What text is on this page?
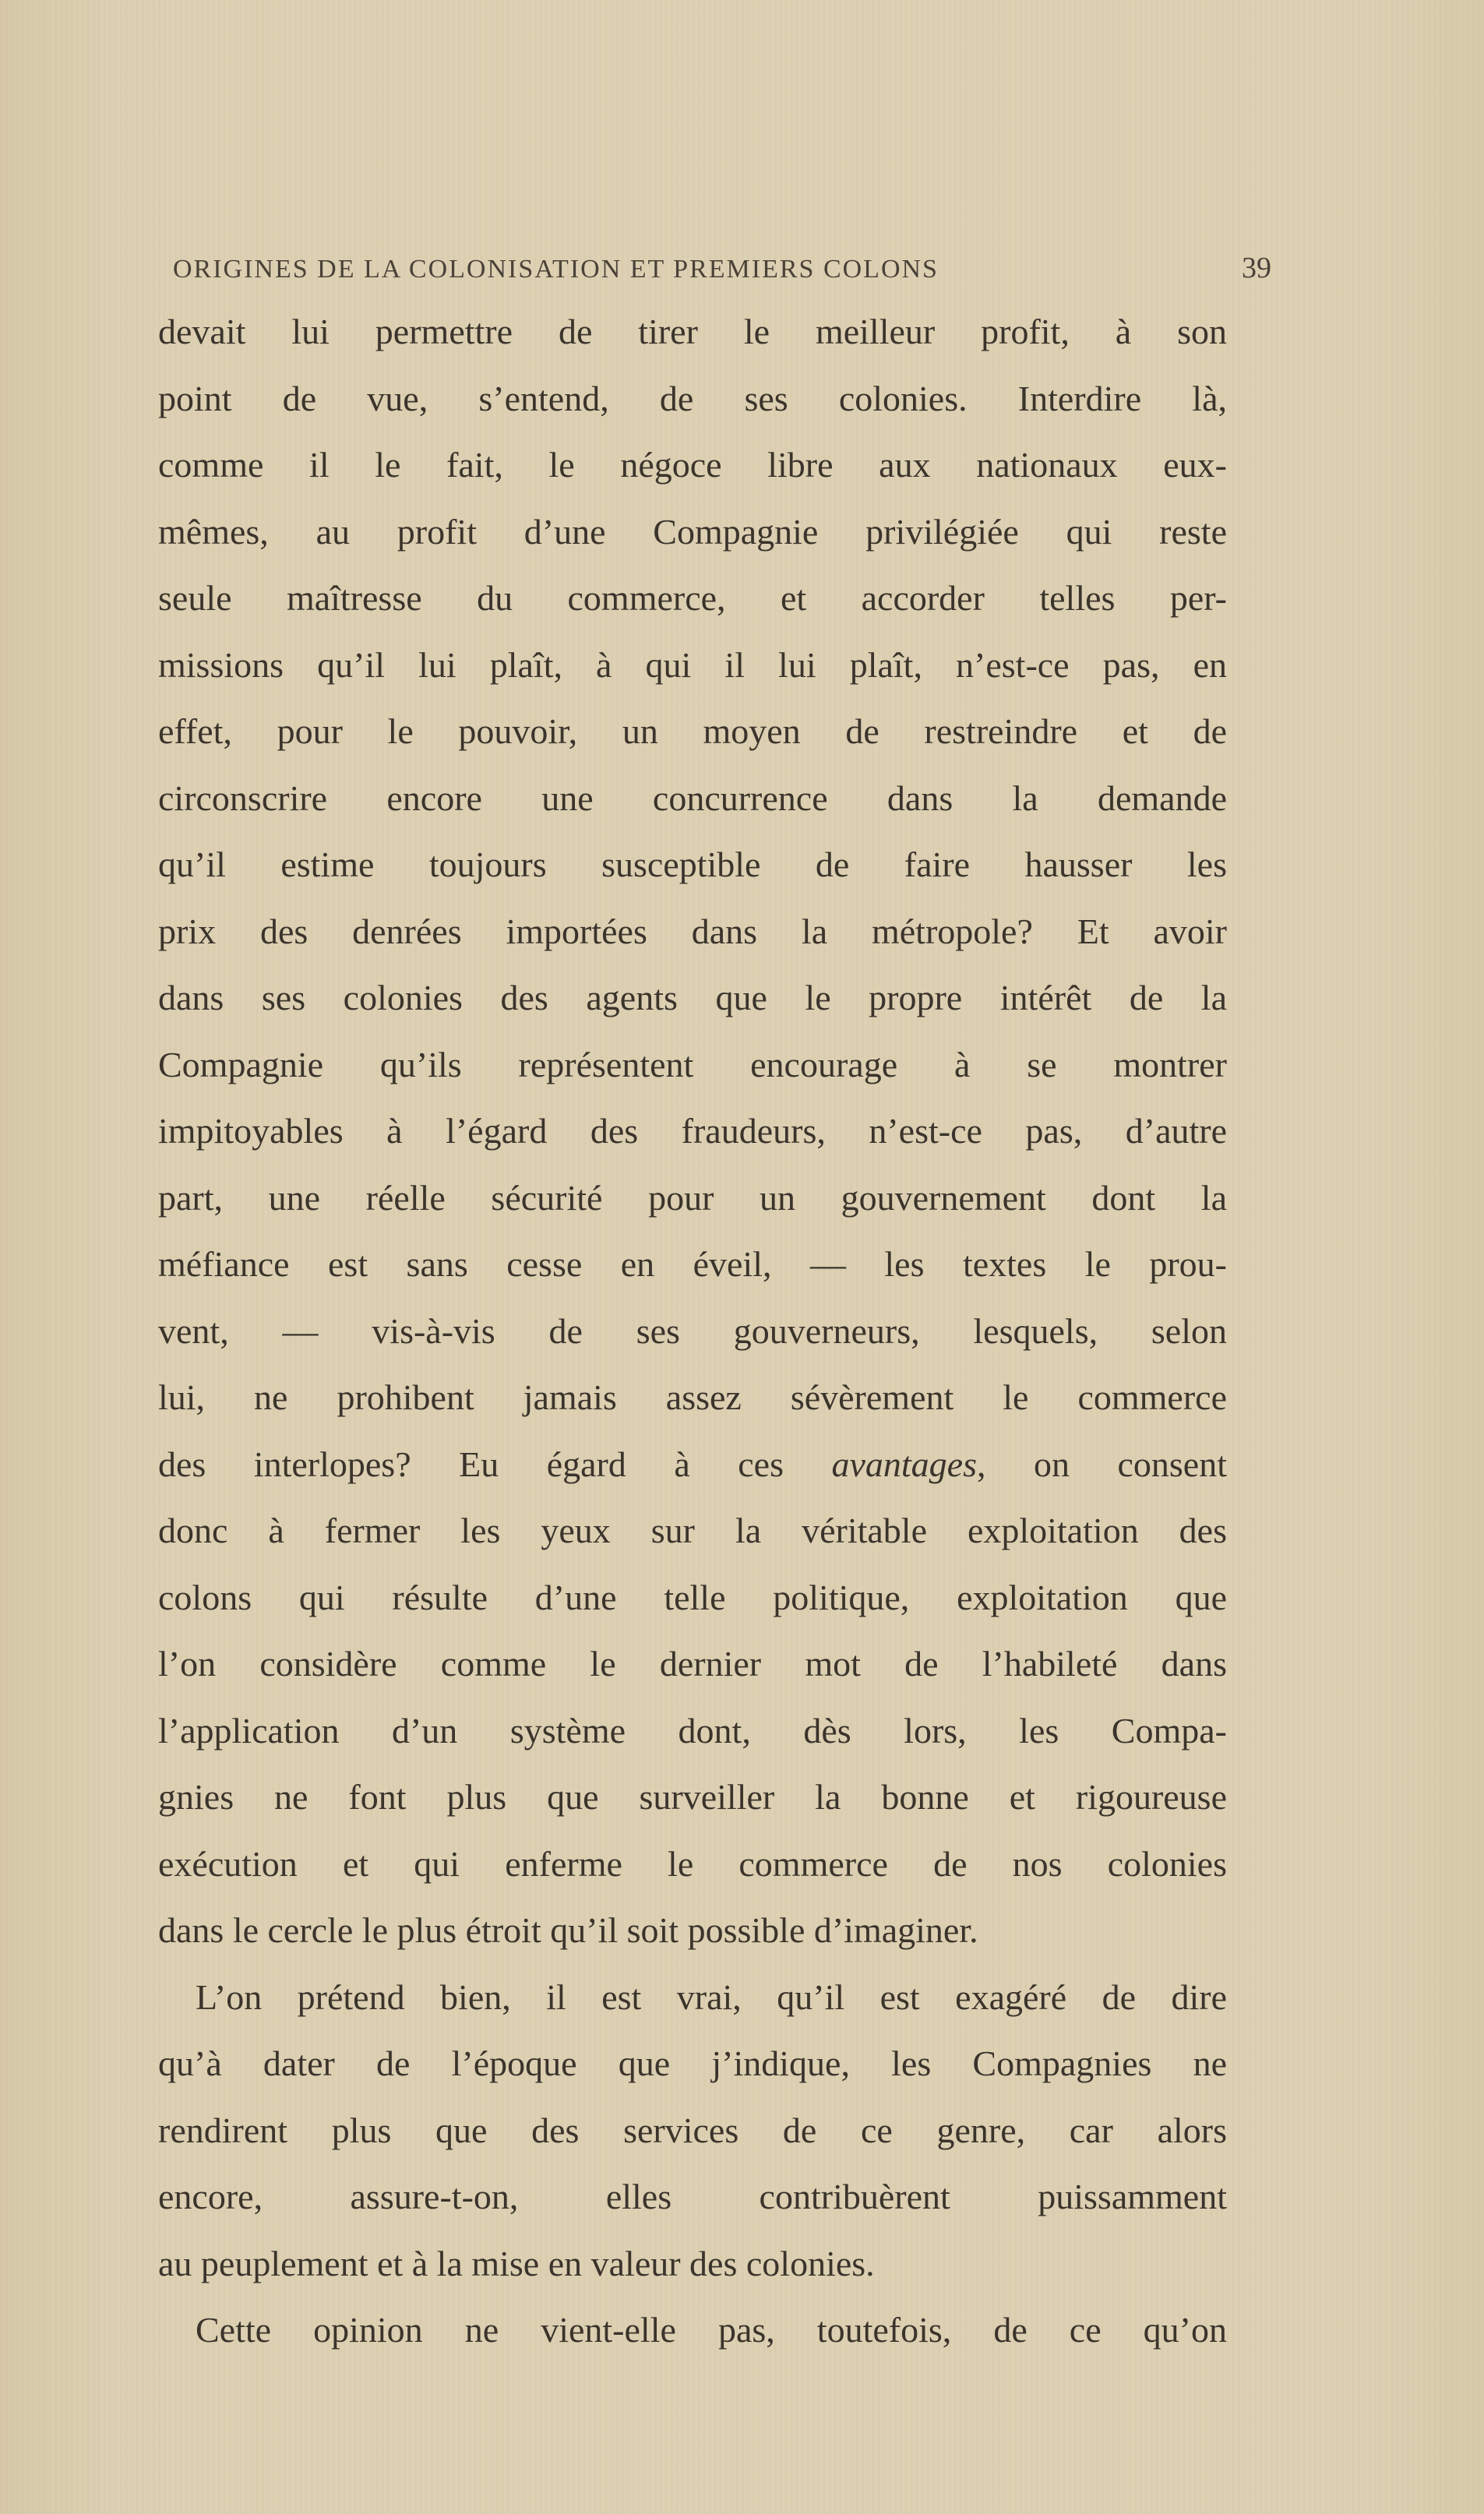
ORIGINES DE LA COLONISATION ET PREMIERS COLONS	39
devait lui permettre de tirer le meilleur profit, à son
point de vue, s’entend, de ses colonies. Interdire là,
comme il le fait, le négoce libre aux nationaux eux-
mêmes, au profit d’une Compagnie privilégiée qui reste
seule maîtresse du commerce, et accorder telles per-
missions qu’il lui plaît, à qui il lui plaît, n’est-ce pas, en
effet, pour le pouvoir, un moyen de restreindre et de
circonscrire encore une concurrence dans la demande
qu’il estime toujours susceptible de faire hausser les
prix des denrées importées dans la métropole? Et avoir
dans ses colonies des agents que le propre intérêt de la
Compagnie qu’ils représentent encourage à se montrer
impitoyables à l’égard des fraudeurs, n’est-ce pas, d’autre
part, une réelle sécurité pour un gouvernement dont la
méfiance est sans cesse en éveil, — les textes le prou-
vent, — vis-à-vis de ses gouverneurs, lesquels, selon
lui, ne prohibent jamais assez sévèrement le commerce
des interlopes? Eu égard à ces avantages, on consent
donc à fermer les yeux sur la véritable exploitation des
colons qui résulte d’une telle politique, exploitation que
l’on considère comme le dernier mot de l’habileté dans
l’application d’un système dont, dès lors, les Compa-
gnies ne font plus que surveiller la bonne et rigoureuse
exécution et qui enferme le commerce de nos colonies
dans le cercle le plus étroit qu’il soit possible d’imaginer.
L’on prétend bien, il est vrai, qu’il est exagéré de dire
qu’à dater de l’époque que j’indique, les Compagnies ne
rendirent plus que des services de ce genre, car alors
encore, assure-t-on, elles contribuèrent puissamment
au peuplement et à la mise en valeur des colonies.
Cette opinion ne vient-elle pas, toutefois, de ce qu’on
